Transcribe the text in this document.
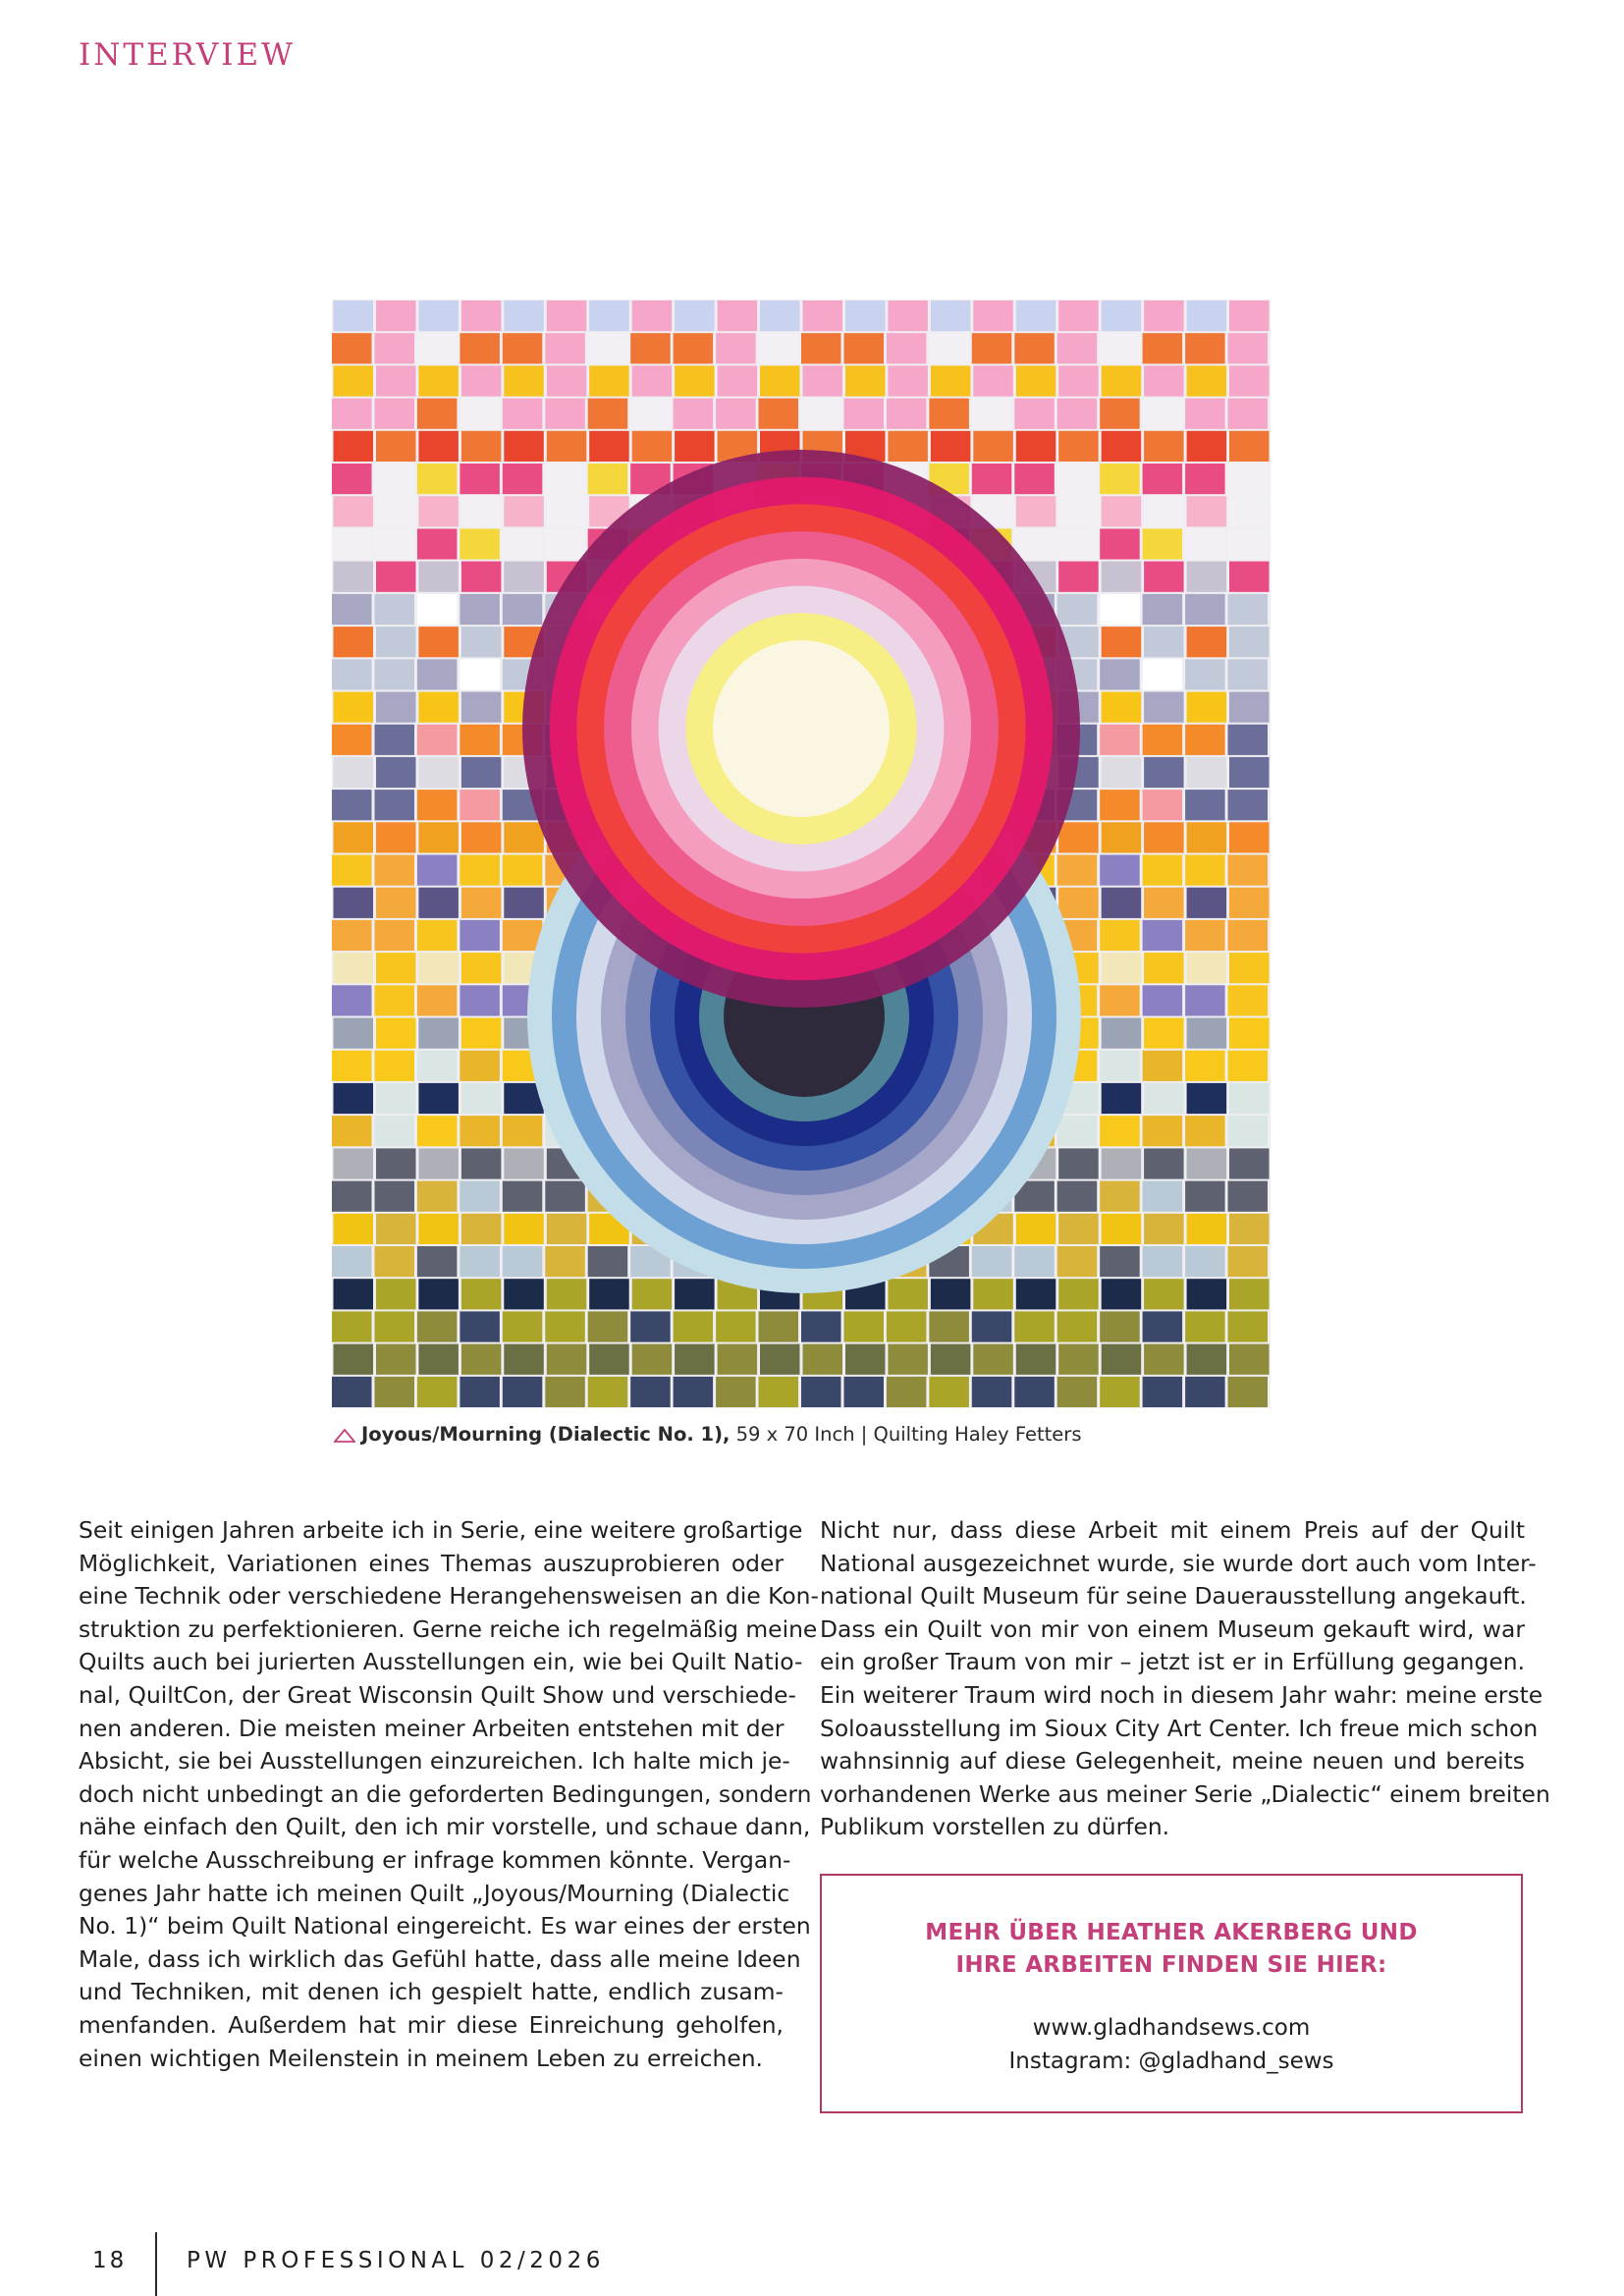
INTERVIEW
Joyous/Mourning (Dialectic No. 1), 59 x 70 Inch | Quilting Haley Fetters
Seit einigen Jahren arbeite ich in Serie, eine weitere großartige
Möglichkeit, Variationen eines Themas auszuprobieren oder
eine Technik oder verschiedene Herangehensweisen an die Kon-
struktion zu perfektionieren. Gerne reiche ich regelmäßig meine
Quilts auch bei jurierten Ausstellungen ein, wie bei Quilt Natio-
nal, QuiltCon, der Great Wisconsin Quilt Show und verschiede-
nen anderen. Die meisten meiner Arbeiten entstehen mit der
Absicht, sie bei Ausstellungen einzureichen. Ich halte mich je-
doch nicht unbedingt an die geforderten Bedingungen, sondern
nähe einfach den Quilt, den ich mir vorstelle, und schaue dann,
für welche Ausschreibung er infrage kommen könnte. Vergan-
genes Jahr hatte ich meinen Quilt „Joyous/Mourning (Dialectic
No. 1)“ beim Quilt National eingereicht. Es war eines der ersten
Male, dass ich wirklich das Gefühl hatte, dass alle meine Ideen
und Techniken, mit denen ich gespielt hatte, endlich zusam-
menfanden. Außerdem hat mir diese Einreichung geholfen,
einen wichtigen Meilenstein in meinem Leben zu erreichen.
Nicht nur, dass diese Arbeit mit einem Preis auf der Quilt
National ausgezeichnet wurde, sie wurde dort auch vom Inter-
national Quilt Museum für seine Dauerausstellung angekauft.
Dass ein Quilt von mir von einem Museum gekauft wird, war
ein großer Traum von mir – jetzt ist er in Erfüllung gegangen.
Ein weiterer Traum wird noch in diesem Jahr wahr: meine erste
Soloausstellung im Sioux City Art Center. Ich freue mich schon
wahnsinnig auf diese Gelegenheit, meine neuen und bereits
vorhandenen Werke aus meiner Serie „Dialectic“ einem breiten
Publikum vorstellen zu dürfen.
MEHR ÜBER HEATHER AKERBERG UND
IHRE ARBEITEN FINDEN SIE HIER:
www.gladhandsews.com
Instagram: @gladhand_sews
18	PW PROFESSIONAL 02/2026
